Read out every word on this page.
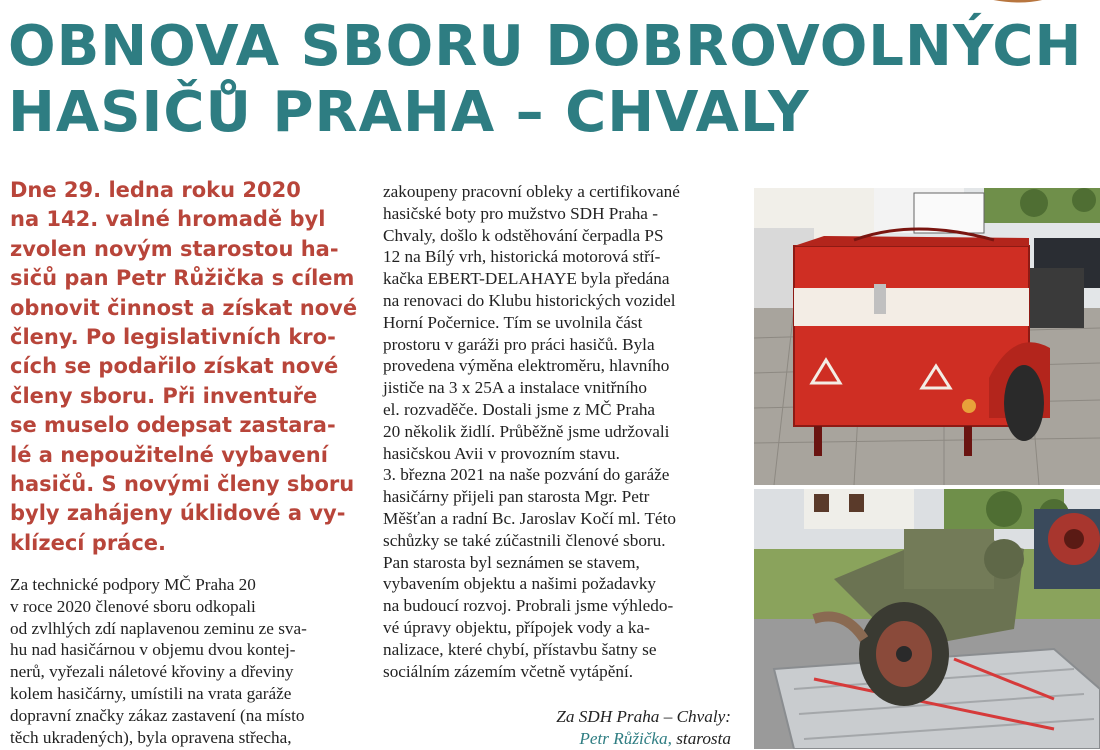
OBNOVA SBORU DOBROVOLNÝCH
HASIČŮ PRAHA – CHVALY

Dne 29. ledna roku 2020
na 142. valné hromadě byl
zvolen novým starostou ha-
sičů pan Petr Růžička s cílem
obnovit činnost a získat nové
členy. Po legislativních kro-
cích se podařilo získat nové
členy sboru. Při inventuře
se muselo odepsat zastara-
lé a nepoužitelné vybavení
hasičů. S novými členy sboru
byly zahájeny úklidové a vy-
klízecí práce.

Za technické podpory MČ Praha 20
v roce 2020 členové sboru odkopali
od zvlhlých zdí naplavenou zeminu ze sva-
hu nad hasičárnou v objemu dvou kontej-
nerů, vyřezali náletové křoviny a dřeviny
kolem hasičárny, umístili na vrata garáže
dopravní značky zákaz zastavení (na místo
těch ukradených), byla opravena střecha,

zakoupeny pracovní obleky a certifikované
hasičské boty pro mužstvo SDH Praha -
Chvaly, došlo k odstěhování čerpadla PS
12 na Bílý vrh, historická motorová stří-
kačka EBERT-DELAHAYE byla předána
na renovaci do Klubu historických vozidel
Horní Počernice. Tím se uvolnila část
prostoru v garáži pro práci hasičů. Byla
provedena výměna elektroměru, hlavního
jističe na 3 x 25A a instalace vnitřního
el. rozvaděče. Dostali jsme z MČ Praha
20 několik židlí. Průběžně jsme udržovali
hasičskou Avii v provozním stavu.
3. března 2021 na naše pozvání do garáže
hasičárny přijeli pan starosta Mgr. Petr
Měšťan a radní Bc. Jaroslav Kočí ml. Této
schůzky se také zúčastnili členové sboru.
Pan starosta byl seznámen se stavem,
vybavením objektu a našimi požadavky
na budoucí rozvoj. Probrali jsme výhledo-
vé úpravy objektu, přípojek vody a ka-
nalizace, které chybí, přístavbu šatny se
sociálním zázemím včetně vytápění.

Za SDH Praha – Chvaly:
Petr Růžička, starosta
